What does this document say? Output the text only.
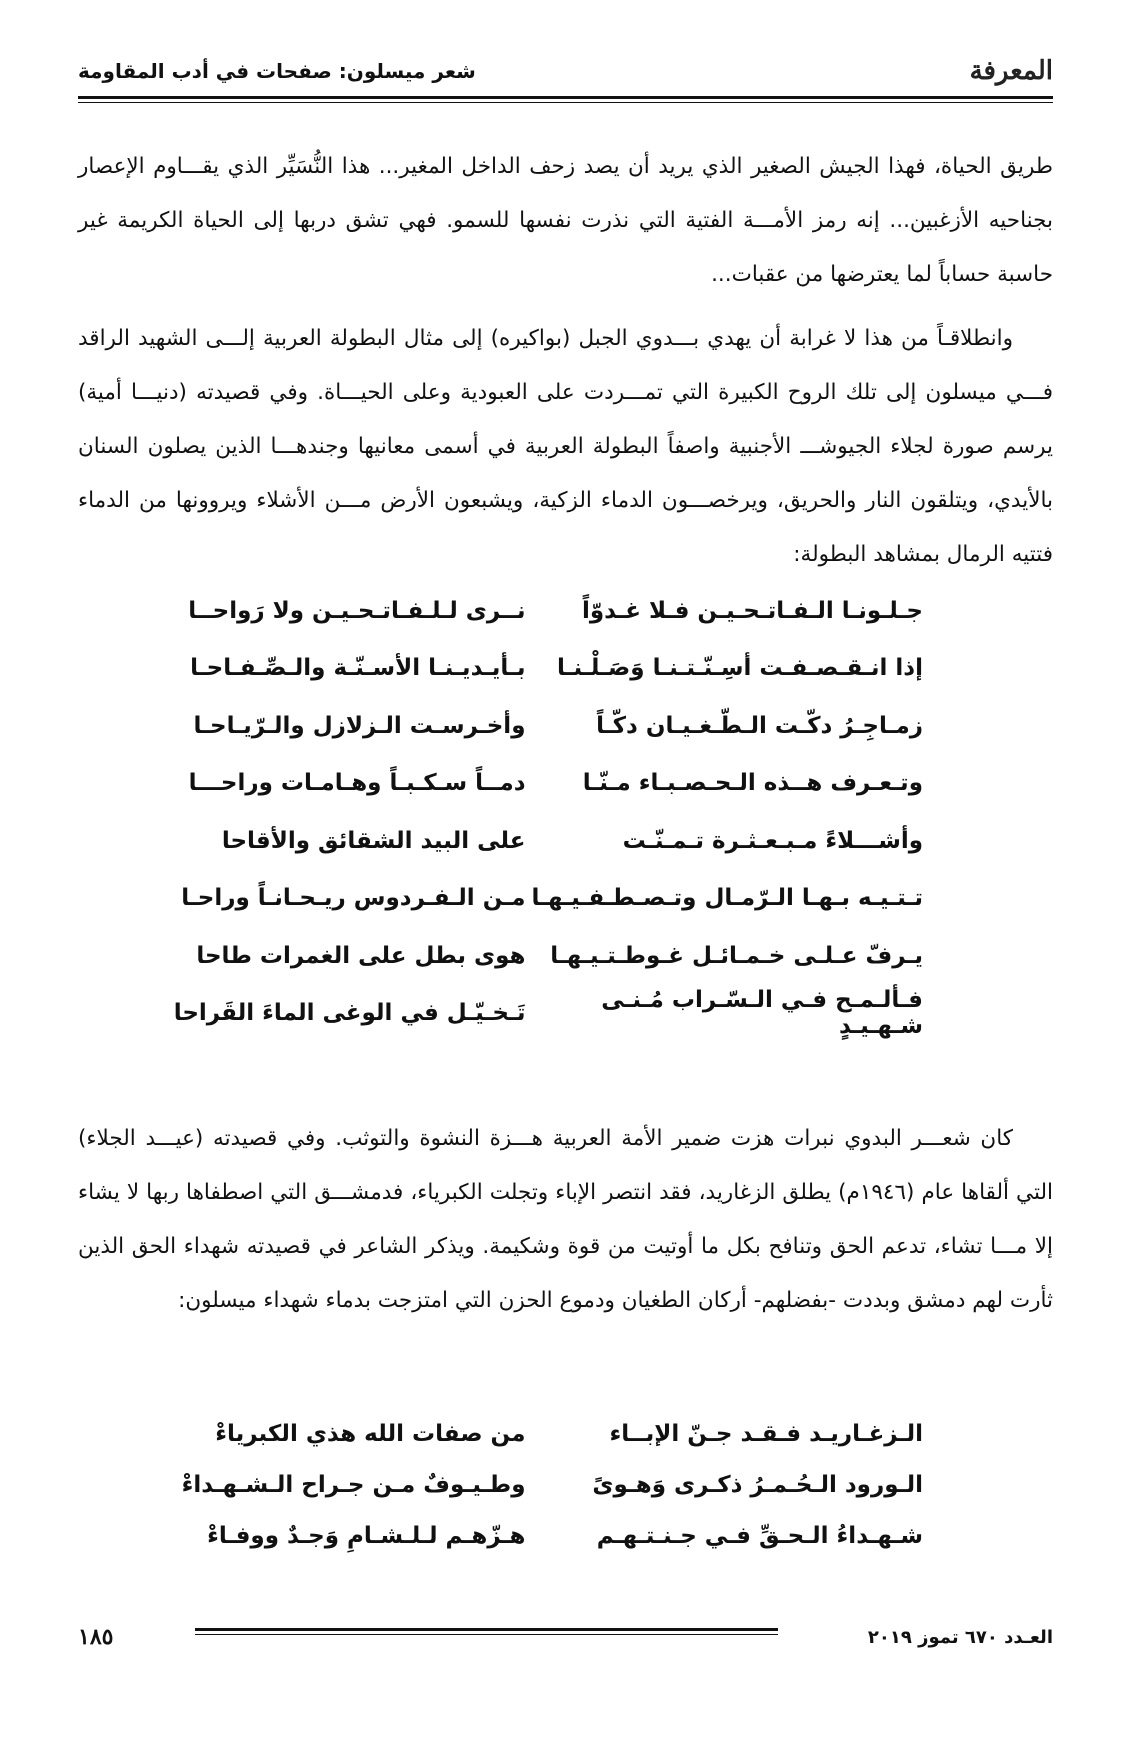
المعرفة
شعر ميسلون: صفحات في أدب المقاومة

طريق الحياة، فهذا الجيش الصغير الذي يريد أن يصد زحف الداخل المغير... هذا النُّسَيِّر الذي يقـــاوم الإعصار بجناحيه الأزغبين... إنه رمز الأمـــة الفتية التي نذرت نفسها للسمو. فهي تشق دربها إلى الحياة الكريمة غير حاسبة حساباً لما يعترضها من عقبات...

وانطلاقـاً من هذا لا غرابة أن يهدي بـــدوي الجبل (بواكيره) إلى مثال البطولة العربية إلـــى الشهيد الراقد فـــي ميسلون إلى تلك الروح الكبيرة التي تمـــردت على العبودية وعلى الحيـــاة. وفي قصيدته (دنيـــا أمية) يرسم صورة لجلاء الجيوشـــ الأجنبية واصفاً البطولة العربية في أسمى معانيها وجندهـــا الذين يصلون السنان بالأيدي، ويتلقون النار والحريق، ويرخصـــون الدماء الزكية، ويشبعون الأرض مـــن الأشلاء ويروونها من الدماء فتتيه الرمال بمشاهد البطولة:

جـلـونـا الـفـاتـحـيـن فـلا غـدوّاً
نــرى لـلـفـاتـحـيـن ولا رَواحــا
إذا انـقـصـفـت أسِـنّـتـنـا وَصَـلْـنـا
بـأيـديـنـا الأسـنّـة والـصِّـفـاحـا
زمـاجِـرُ دكّـت الـطّـغـيـان دكّـاً
وأخـرسـت الـزلازل والـرّيـاحـا
وتـعـرف هــذه الـحـصـبـاء مـنّـا
دمــاً سـكـبـاً وهـامـات وراحـــا
وأشـــلاءً مـبـعـثـرة تـمـنّـت
على البيد الشقائق والأقاحا
تـتـيـه بـهـا الـرّمـال وتـصـطـفـيـهـا
مـن الـفـردوس ريـحـانـاً وراحـا
يـرفّ عـلـى خـمـائـل غـوطـتـيـهـا
هوى بطل على الغمرات طاحا
فـألـمـح فـي الـسّـراب مُـنـى شـهـيـدٍ
تَـخـيّـل في الوغى الماءَ القَراحا

كان شعـــر البدوي نبرات هزت ضمير الأمة العربية هـــزة النشوة والتوثب. وفي قصيدته (عيـــد الجلاء) التي ألقاها عام (١٩٤٦م) يطلق الزغاريد، فقد انتصر الإباء وتجلت الكبرياء، فدمشـــق التي اصطفاها ربها لا يشاء إلا مـــا تشاء، تدعم الحق وتنافح بكل ما أوتيت من قوة وشكيمة. ويذكر الشاعر في قصيدته شهداء الحق الذين ثأرت لهم دمشق وبددت -بفضلهم- أركان الطغيان ودموع الحزن التي امتزجت بدماء شهداء ميسلون:

الـزغـاريـد فـقـد جـنّ الإبــاء
من صفات الله هذي الكبرياءْ
الـورود الـحُـمـرُ ذكـرى وَهـوىً
وطـيـوفٌ مـن جـراح الـشـهـداءْ
شـهـداءُ الـحـقِّ فـي جـنـتـهـم
هـزّهـم لـلـشـامِ وَجـدٌ ووفـاءْ
العـدد ٦٧٠ تموز ٢٠١٩
١٨٥
